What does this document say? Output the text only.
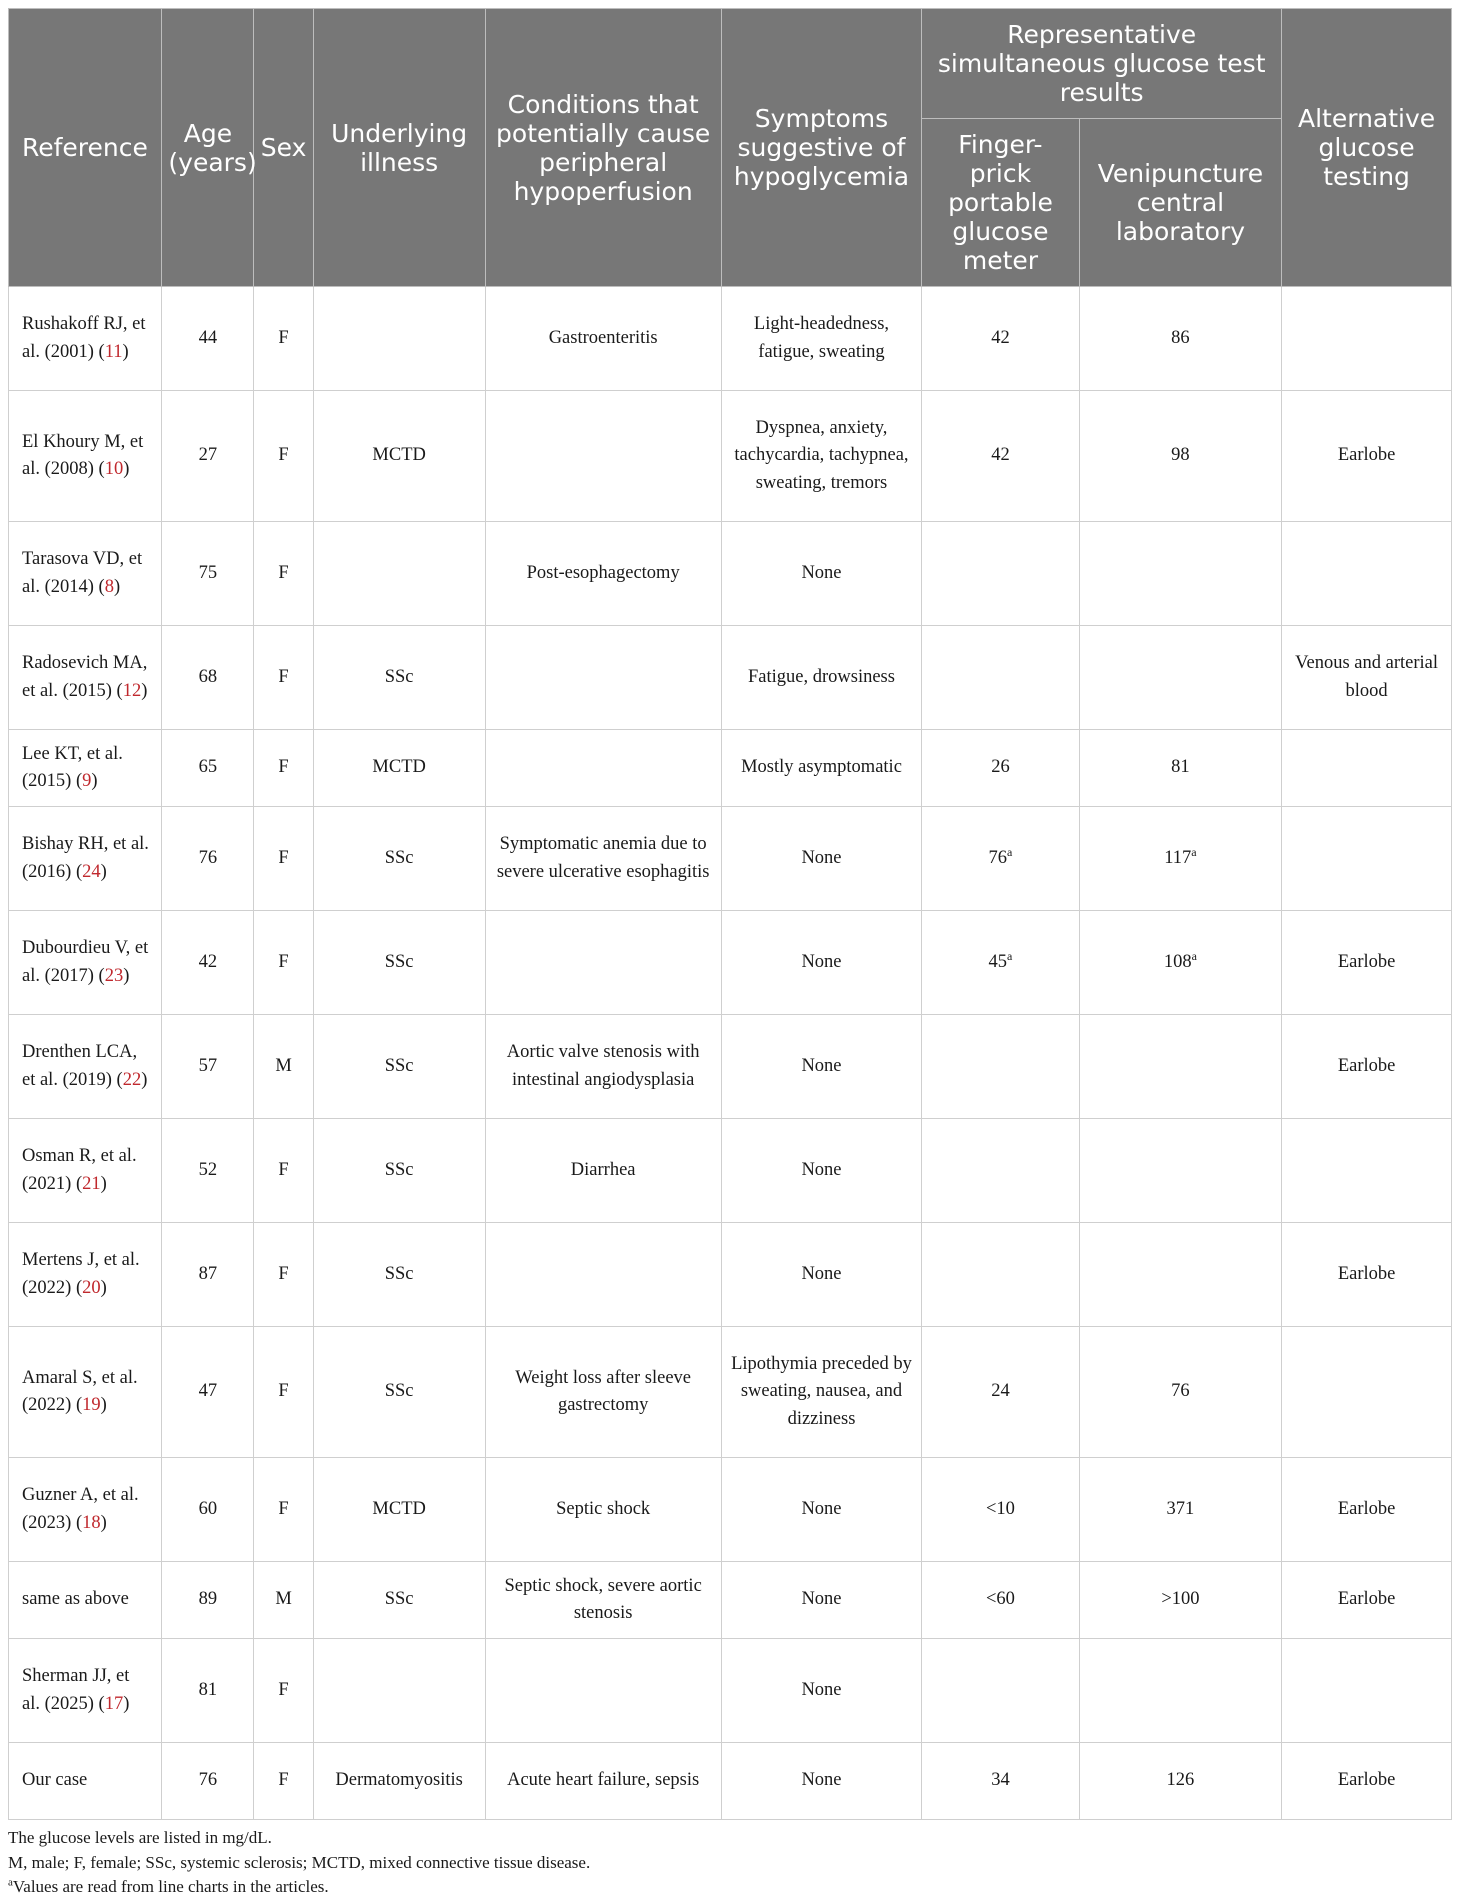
Reference	Age (years)	Sex	Underlying illness	Conditions that potentially cause peripheral hypoperfusion	Symptoms suggestive of hypoglycemia	Representative simultaneous glucose test results		Alternative glucose testing
						Finger-prick portable glucose meter	Venipuncture central laboratory	
Rushakoff RJ, et al. (2001) (11)	44	F		Gastroenteritis	Light-headedness, fatigue, sweating	42	86	
El Khoury M, et al. (2008) (10)	27	F	MCTD		Dyspnea, anxiety, tachycardia, tachypnea, sweating, tremors	42	98	Earlobe
Tarasova VD, et al. (2014) (8)	75	F		Post-esophagectomy	None			
Radosevich MA, et al. (2015) (12)	68	F	SSc		Fatigue, drowsiness			Venous and arterial blood
Lee KT, et al. (2015) (9)	65	F	MCTD		Mostly asymptomatic	26	81	
Bishay RH, et al. (2016) (24)	76	F	SSc	Symptomatic anemia due to severe ulcerative esophagitis	None	76$^a$	117$^a$	
Dubourdieu V, et al. (2017) (23)	42	F	SSc		None	45$^a$	108$^a$	Earlobe
Drenthen LCA, et al. (2019) (22)	57	M	SSc	Aortic valve stenosis with intestinal angiodysplasia	None			Earlobe
Osman R, et al. (2021) (21)	52	F	SSc	Diarrhea	None			
Mertens J, et al. (2022) (20)	87	F	SSc		None			Earlobe
Amaral S, et al. (2022) (19)	47	F	SSc	Weight loss after sleeve gastrectomy	Lipothymia preceded by sweating, nausea, and dizziness	24	76	
Guzner A, et al. (2023) (18)	60	F	MCTD	Septic shock	None	<10	371	Earlobe
same as above	89	M	SSc	Septic shock, severe aortic stenosis	None	<60	>100	Earlobe
Sherman JJ, et al. (2025) (17)	81	F			None			
Our case	76	F	Dermatomyositis	Acute heart failure, sepsis	None	34	126	Earlobe
The glucose levels are listed in mg/dL.
M, male; F, female; SSc, systemic sclerosis; MCTD, mixed connective tissue disease.
$^a$Values are read from line charts in the articles.
